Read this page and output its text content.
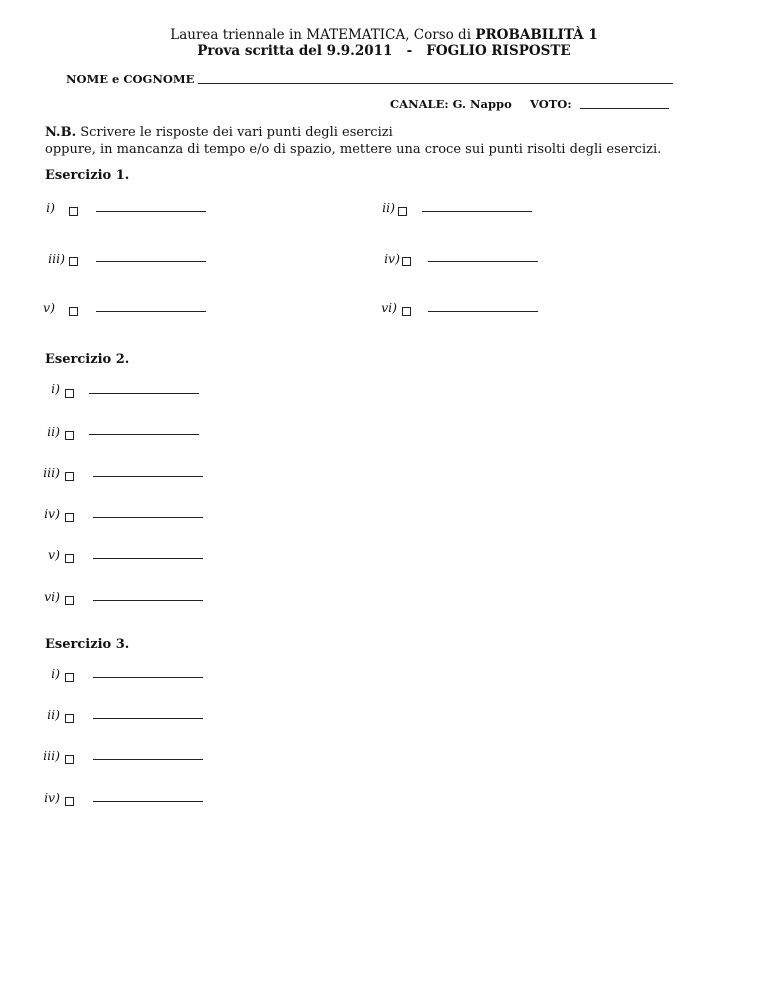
Laurea triennale in MATEMATICA, Corso di PROBABILITÀ 1
Prova scritta del 9.9.2011 - FOGLIO RISPOSTE
NOME e COGNOME
CANALE: G. Nappo VOTO:
N.B. Scrivere le risposte dei vari punti degli esercizi
oppure, in mancanza di tempo e/o di spazio, mettere una croce sui punti risolti degli esercizi.
Esercizio 1.
i)	ii)
iii)	iv)
v)	vi)
Esercizio 2.
i)
ii)
iii)
iv)
v)
vi)
Esercizio 3.
i)
ii)
iii)
iv)
